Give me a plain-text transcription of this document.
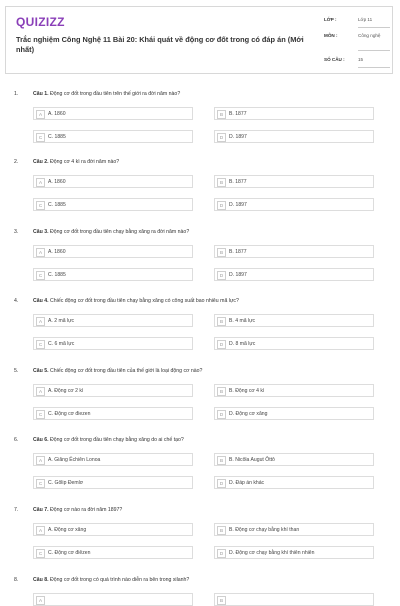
QUIZIZZ
Trắc nghiệm Công Nghệ 11 Bài 20: Khái quát về động cơ đốt trong có đáp án (Mới nhất)
LỚP :	Lớp 11
MÔN :	Công nghệ
SỐ CÂU :	15
1.	Câu 1. Động cơ đốt trong đầu tiên trên thế giới ra đời năm nào?
A	A. 1860	B	B. 1877
C	C. 1885	D	D. 1897
2.	Câu 2. Động cơ 4 kì ra đời năm nào?
A	A. 1860	B	B. 1877
C	C. 1885	D	D. 1897
3.	Câu 3. Động cơ đốt trong đầu tiên chạy bằng xăng ra đời năm nào?
A	A. 1860	B	B. 1877
C	C. 1885	D	D. 1897
4.	Câu 4. Chiếc động cơ đốt trong đầu tiên chạy bằng xăng có công suất bao nhiêu mã lực?
A	A. 2 mã lực	B	B. 4 mã lực
C	C. 6 mã lực	D	D. 8 mã lực
5.	Câu 5. Chiếc động cơ đốt trong đầu tiên của thế giới là loại động cơ nào?
A	A. Động cơ 2 kì	B	B. Động cơ 4 kì
C	C. Động cơ điezen	D	D. Động cơ xăng
6.	Câu 6. Động cơ đốt trong đầu tiên chạy bằng xăng do ai chế tạo?
A	A. Giăng Êchiên Lonoa	B	B. Nicôla Augut Ôttô
C	C. Gôlip Đemlơ	D	D. Đáp án khác
7.	Câu 7. Động cơ nào ra đời năm 1897?
A	A. Động cơ xăng	B	B. Động cơ chạy bằng khí than
C	C. Động cơ điêzen	D	D. Động cơ chạy bằng khí thiên nhiên
8.	Câu 8. Động cơ đốt trong có quá trình nào diễn ra bên trong xilanh?
A	B
